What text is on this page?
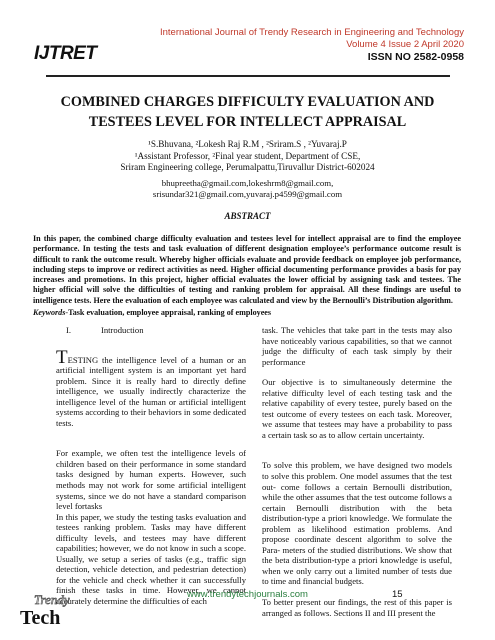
International Journal of Trendy Research in Engineering and Technology
Volume 4 Issue 2 April 2020
ISSN NO 2582-0958
IJTRET
COMBINED CHARGES DIFFICULTY EVALUATION AND
TESTEES LEVEL FOR INTELLECT APPRAISAL
¹S.Bhuvana, ²Lokesh Raj R.M , ²Sriram.S , ²Yuvaraj.P
¹Assistant Professor, ²Final year student, Department of CSE,
Sriram Engineering college, Perumalpattu,Tiruvallur District-602024
bhupreetha@gmail.com,lokeshrm8@gmail.com,
srisundar321@gmail.com,yuvaraj.p4599@gmail.com
ABSTRACT
In this paper, the combined charge difficulty evaluation and testees level for intellect appraisal are to find the employee performance. In testing the tests and task evaluation of different designation employee’s performance outcome result is difficult to rank the outcome result. Whereby higher officials evaluate and provide feedback on employee job performance, including steps to improve or redirect activities as need. Higher official documenting performance provides a basis for pay increases and promotions. In this project, higher official evaluates the lower official by assigning task and testees. The higher official will solve the difficulties of testing and ranking problem for appraisal. All these findings are useful to intelligence tests. Here the evaluation of each employee was calculated and view by the Bernoulli’s Distribution algorithm.
Keywords-Task evaluation, employee appraisal, ranking of employees
I.	Introduction

TESTING the intelligence level of a human or an artificial intelligent system is an important yet hard problem. Since it is really hard to directly define intelligence, we usually indirectly characterize the intelligence level of the human or artificial intelligent systems according to their behaviors in some dedicated tests.

For example, we often test the intelligence levels of children based on their performance in some standard tasks designed by human experts. However, such methods may not work for some artificial intelligent systems, since we do not have a standard comparison level fortasks

In this paper, we study the testing tasks evaluation and testees ranking problem. Tasks may have different difficulty levels, and testees may have different capabilities; however, we do not know in such a scope. Usually, we setup a series of tasks (e.g., traffic sign detection, vehicle detection, and pedestrian detection) for the vehicle and check whether it can successfully finish these tasks in time. However, we cannot accurately determine the difficulties of each

task. The vehicles that take part in the tests may also have noticeably various capabilities, so that we cannot judge the difficulty of each task simply by their performance

Our objective is to simultaneously determine the relative difficulty level of each testing task and the relative capability of every testee, purely based on the test outcome of every testees on each task. Moreover, we assume that testees may have a probability to pass a certain task so as to allow certain uncertainty.

To solve this problem, we have designed two models to solve this problem. One model assumes that the test out- come follows a certain Bernoulli distribution, while the other assumes that the test outcome follows a certain Bernoulli distribution with the beta distribution-type a priori knowledge. We formulate the problem as likelihood estimation problems. And propose coordinate descent algorithm to solve the Para- meters of the studied distributions. We show that the beta distribution-type a priori knowledge is useful, when we only carry out a limited number of tests due to time and financial budgets.

To better present our findings, the rest of this paper is arranged as follows. Sections II and III present the

www.trendytechjournals.com	15
Trendy
Tech
